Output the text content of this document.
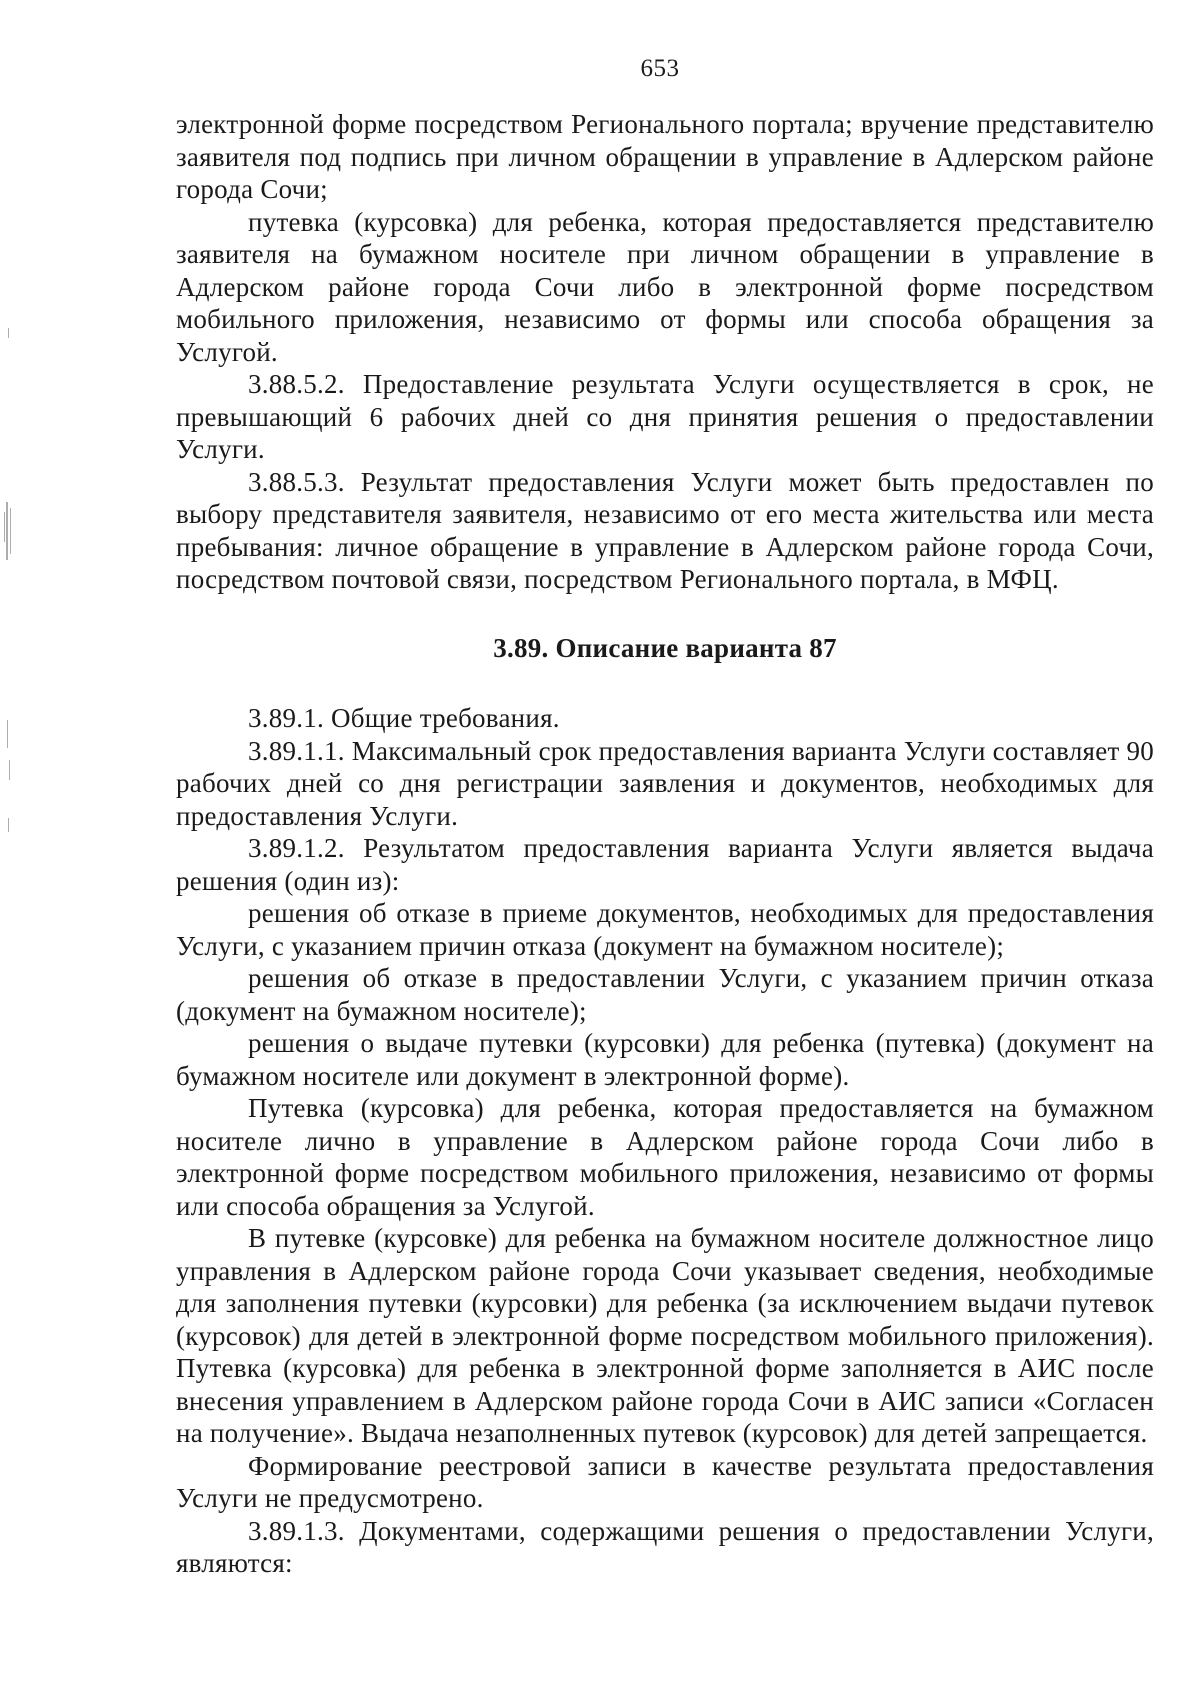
653

электронной форме посредством Регионального портала; вручение представителю заявителя под подпись при личном обращении в управление в Адлерском районе города Сочи;

путевка (курсовка) для ребенка, которая предоставляется представителю заявителя на бумажном носителе при личном обращении в управление в Адлерском районе города Сочи либо в электронной форме посредством мобильного приложения, независимо от формы или способа обращения за Услугой.

3.88.5.2. Предоставление результата Услуги осуществляется в срок, не превышающий 6 рабочих дней со дня принятия решения о предоставлении Услуги.

3.88.5.3. Результат предоставления Услуги может быть предоставлен по выбору представителя заявителя, независимо от его места жительства или места пребывания: личное обращение в управление в Адлерском районе города Сочи, посредством почтовой связи, посредством Регионального портала, в МФЦ.

3.89. Описание варианта 87

3.89.1. Общие требования.

3.89.1.1. Максимальный срок предоставления варианта Услуги составляет 90 рабочих дней со дня регистрации заявления и документов, необходимых для предоставления Услуги.

3.89.1.2. Результатом предоставления варианта Услуги является выдача решения (один из):

решения об отказе в приеме документов, необходимых для предоставления Услуги, с указанием причин отказа (документ на бумажном носителе);

решения об отказе в предоставлении Услуги, с указанием причин отказа (документ на бумажном носителе);

решения о выдаче путевки (курсовки) для ребенка (путевка) (документ на бумажном носителе или документ в электронной форме).

Путевка (курсовка) для ребенка, которая предоставляется на бумажном носителе лично в управление в Адлерском районе города Сочи либо в электронной форме посредством мобильного приложения, независимо от формы или способа обращения за Услугой.

В путевке (курсовке) для ребенка на бумажном носителе должностное лицо управления в Адлерском районе города Сочи указывает сведения, необходимые для заполнения путевки (курсовки) для ребенка (за исключением выдачи путевок (курсовок) для детей в электронной форме посредством мобильного приложения). Путевка (курсовка) для ребенка в электронной форме заполняется в АИС после внесения управлением в Адлерском районе города Сочи в АИС записи «Согласен на получение». Выдача незаполненных путевок (курсовок) для детей запрещается.

Формирование реестровой записи в качестве результата предоставления Услуги не предусмотрено.

3.89.1.3. Документами, содержащими решения о предоставлении Услуги, являются:
